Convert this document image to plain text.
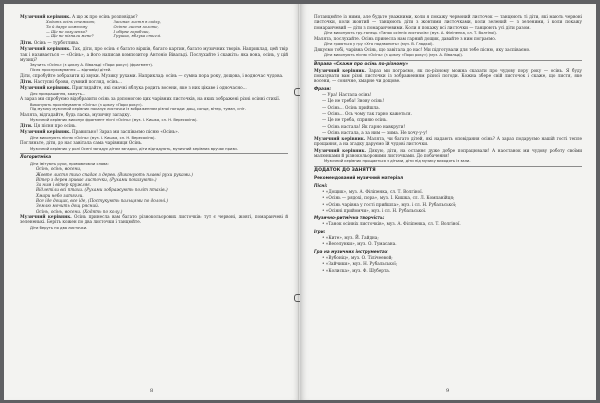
Музичний керівник. А що ж про осінь розповідає?
Ходить осінь стежкою,
Та й дарує кожному
— Ще не зозуленко?
— Ще не пізнали мене?
Засинає листя в садку,
Осіннє листя золоте,
І обірве горобчик,
Грушка, яблука стиглі.
Діти. Осінь — турботлива.
Музичний керівник. Так, діти, про осінь є багато віршів, багато картин, багато музичних творів. Наприклад, цей твір так і називається — «Осінь», а його написав композитор Антоніо Вівальді. Послухайте і скажіть: яка вона, осінь, у цій музиці?
Звучить «Осінь» (з циклу А. Вівальді «Пори року») (фрагмент).
Після прослуховування — відповіді дітей.
Діти, спробуйте зобразити ці звуки. Музику рухами. Наприклад: осінь — сумна пора року, дощова, і водночас чудова.
Діти. Наступні брови, сумний погляд, осінь...
Музичний керівник. Приглядайте, які смачні яблука родить восени, яке з них цікаве і одночасно...
Для прикрашання, кажуть...
А зараз ми спробуємо відобразити осінь за допомогою цих чарівних листочків, на яких зображені різні осінні стихії.
Виконують проспівування «Осінь» (з циклу «Пори року»).
Під музику музичний керівник показує листочки із зображенням різної погоди: дощ, сонце, вітер, туман, сніг.
Малята, відгадайте, будь ласка, музичну загадку.
Музичний керівник виконує фрагмент пісні «Осінь» (муз. І. Кишка, сл. Н. Вересокіна).
Діти. Ця пісня про осінь.
Музичний керівник. Правильно! Зараз ми заспіваємо пісню «Осінь».
Діти виконують пісню «Осінь» (муз. І. Кишка, сл. Н. Вересокіна).
Погляньте, діти, до нас завітала сама чарівниця Осінь.
Музичний керівник у ролі Осені загадує дітям загадки, діти відгадують, музичний керівник вручає призи.
Логоритміка
Діти імітують рухи, промовляючи слова:
Осінь, осінь, восени,
Жовте листя тихо спадає з дерев. (Виконують плавні рухи руками.)
Вітер з дерев зриває листочки, (Рухами показують.)
За ним і вітер кружляє.
Відлетіли всі птахи. (Рухами зображують політ птахів.)
Хмари небо затягли.
Все іде дощик, все іде, (Постукують пальцями по долоні.)
Землю мочить дощ рясний.
Осінь, осінь, восени. (Ходять по колу.)
Музичний керівник. Осінь принесла вам багато різнокольорових листочків: тут є червоні, жовті, помаранчеві й зелененькі. Беріть кожен по два листочки і танцюйте.
Діти беруть по два листочки.
8
Потанцюйте із ними, але будьте уважними, коли я покажу червоний листочок — танцюють ті діти, які мають червоні листочки, коли жовтий — танцюють діти з жовтими листочками, коли зелений — з зеленими, і коли покажу помаранчевий — діти з помаранчевими. Коли я покажу всі листочки — танцюють усі діти разом.
Діти виконують гру-танець «Танок осінніх листочків» (муз. А. Філіпенка, сл. Т. Волгіної).
Малята, послухайте. Осінь принесла нам гарний дощик, давайте з ним пограємо.
Діти граються у гру «Хто подзвонить» (муз. В. Гладкої).
Дякуємо тобі, чарівна Осінь, що завітала до нас! Ми підготували для тебе пісню, яку заспіваємо.
Діти виконують пісню «Осінь» (з циклу «Пори року») (муз. А. Вівальді).
Вправа «Скажи про осінь по-різному»
Музичний керівник. Зараз ми пограємо, як по-різному можна сказати про чудову пору року — осінь. Я буду показувати вам різні листочки із зображенням різної погоди. Кожна збере свій листочок і скаже, що листя, яке восени, — сонячне, хмарне чи дощове.
Фрази:
— Ура! Настала осінь!
— Це не треба! Знову осінь!
— Осінь... Осінь прийшла.
— Осінь... Ось чому так гарно кажеться.
— Це не треба, сприяю осінь.
— Осінь настала! Як гарно навкруги!
— Осінь настала, а за ним — зима. Не хочу-у-у!
Музичний керівник. Малята, чи багато дітей, які надають оповідання осінь? А зараз подаруємо нашій гості тепле прощання, а на згадку даруємо їй чудові листочки.
Музичний керівник. Дякую, діти, на останнє дуже добре попрацювали! А наостанок ми чудову роботу своїми малюнками й різнокольоровими листочками. До побачення!
Музичний керівник прощається з дітьми, діти під музику виходять із зали.
ДОДАТОК ДО ЗАНЯТТЯ
Рекомендований музичний матеріал
Пісні:
• «Дощик», муз. А. Філіпенка, сл. Т. Волгіної.
• «Осінь — рядохі, пора», муз. І. Кишка, сл. Л. Компанійця;
• «Осінь чарівна у гості прийшла», муз. і сл. Н. Рубальської;
• «Осінні прийомчи», муз. і сл. Н. Рубальської.
Музично-ритмічна творчість:
• «Танок осінніх листочків», муз. А. Філіпенка, сл. Т. Волгіної.
Ігри:
• «Ките», муз. Й. Гайдна;
• «Веселунки», муз. О. Тумасана.
Гра на музичних інструментах
• «Вубоніц», муз. О. Тілічеевой;
• «Зайчики», муз. Н. Рубальської;
• «Колиска», муз. Ф. Шуберта.
9
